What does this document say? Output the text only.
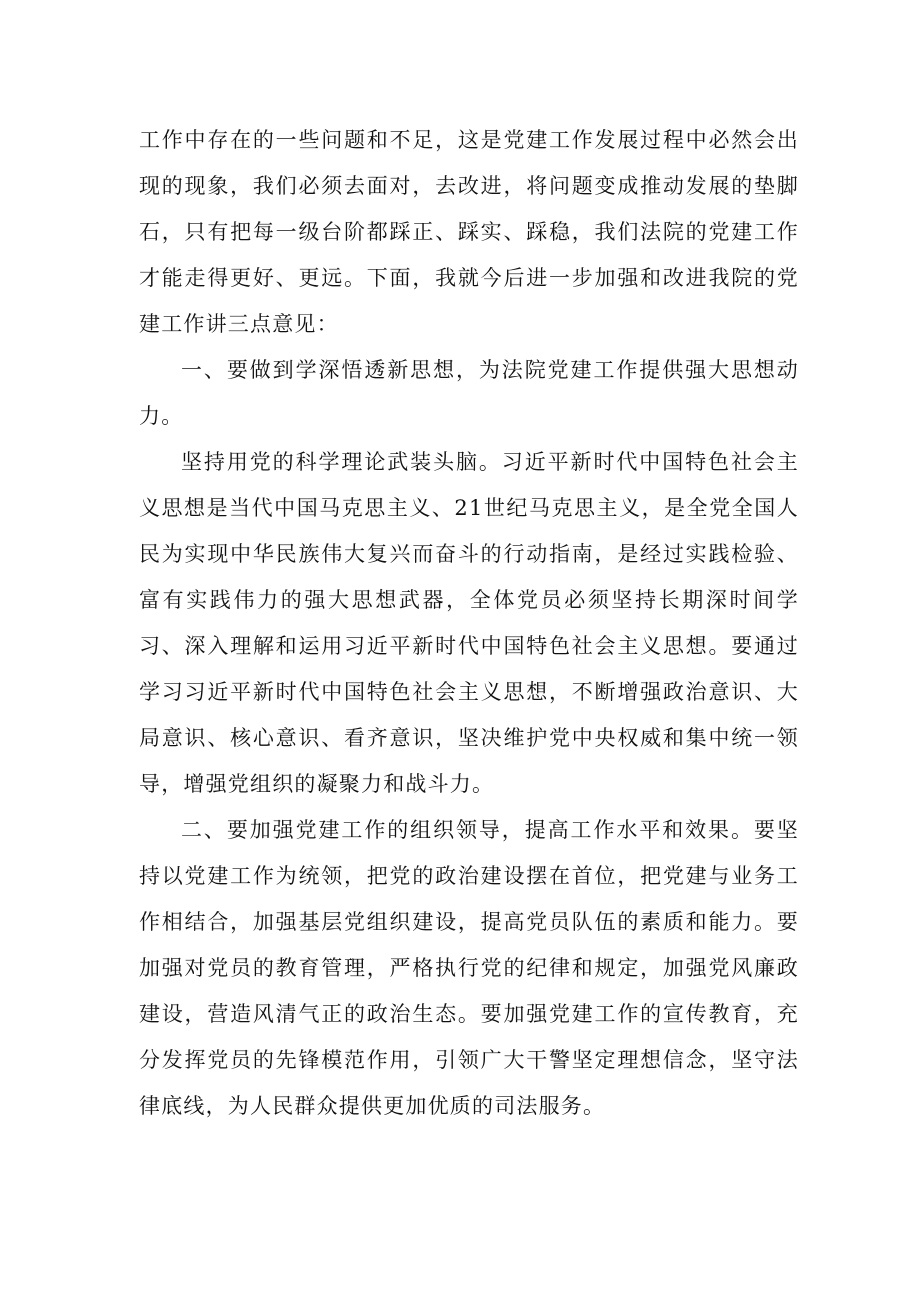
工作中存在的一些问题和不足，这是党建工作发展过程中必然会出现的现象，我们必须去面对，去改进，将问题变成推动发展的垫脚石，只有把每一级台阶都踩正、踩实、踩稳，我们法院的党建工作才能走得更好、更远。下面，我就今后进一步加强和改进我院的党建工作讲三点意见：

一、要做到学深悟透新思想，为法院党建工作提供强大思想动力。

坚持用党的科学理论武装头脑。习近平新时代中国特色社会主义思想是当代中国马克思主义、21世纪马克思主义，是全党全国人民为实现中华民族伟大复兴而奋斗的行动指南，是经过实践检验、富有实践伟力的强大思想武器，全体党员必须坚持长期深时间学习、深入理解和运用习近平新时代中国特色社会主义思想。要通过学习习近平新时代中国特色社会主义思想，不断增强政治意识、大局意识、核心意识、看齐意识，坚决维护党中央权威和集中统一领导，增强党组织的凝聚力和战斗力。

二、要加强党建工作的组织领导，提高工作水平和效果。要坚持以党建工作为统领，把党的政治建设摆在首位，把党建与业务工作相结合，加强基层党组织建设，提高党员队伍的素质和能力。要加强对党员的教育管理，严格执行党的纪律和规定，加强党风廉政建设，营造风清气正的政治生态。要加强党建工作的宣传教育，充分发挥党员的先锋模范作用，引领广大干警坚定理想信念，坚守法律底线，为人民群众提供更加优质的司法服务。
